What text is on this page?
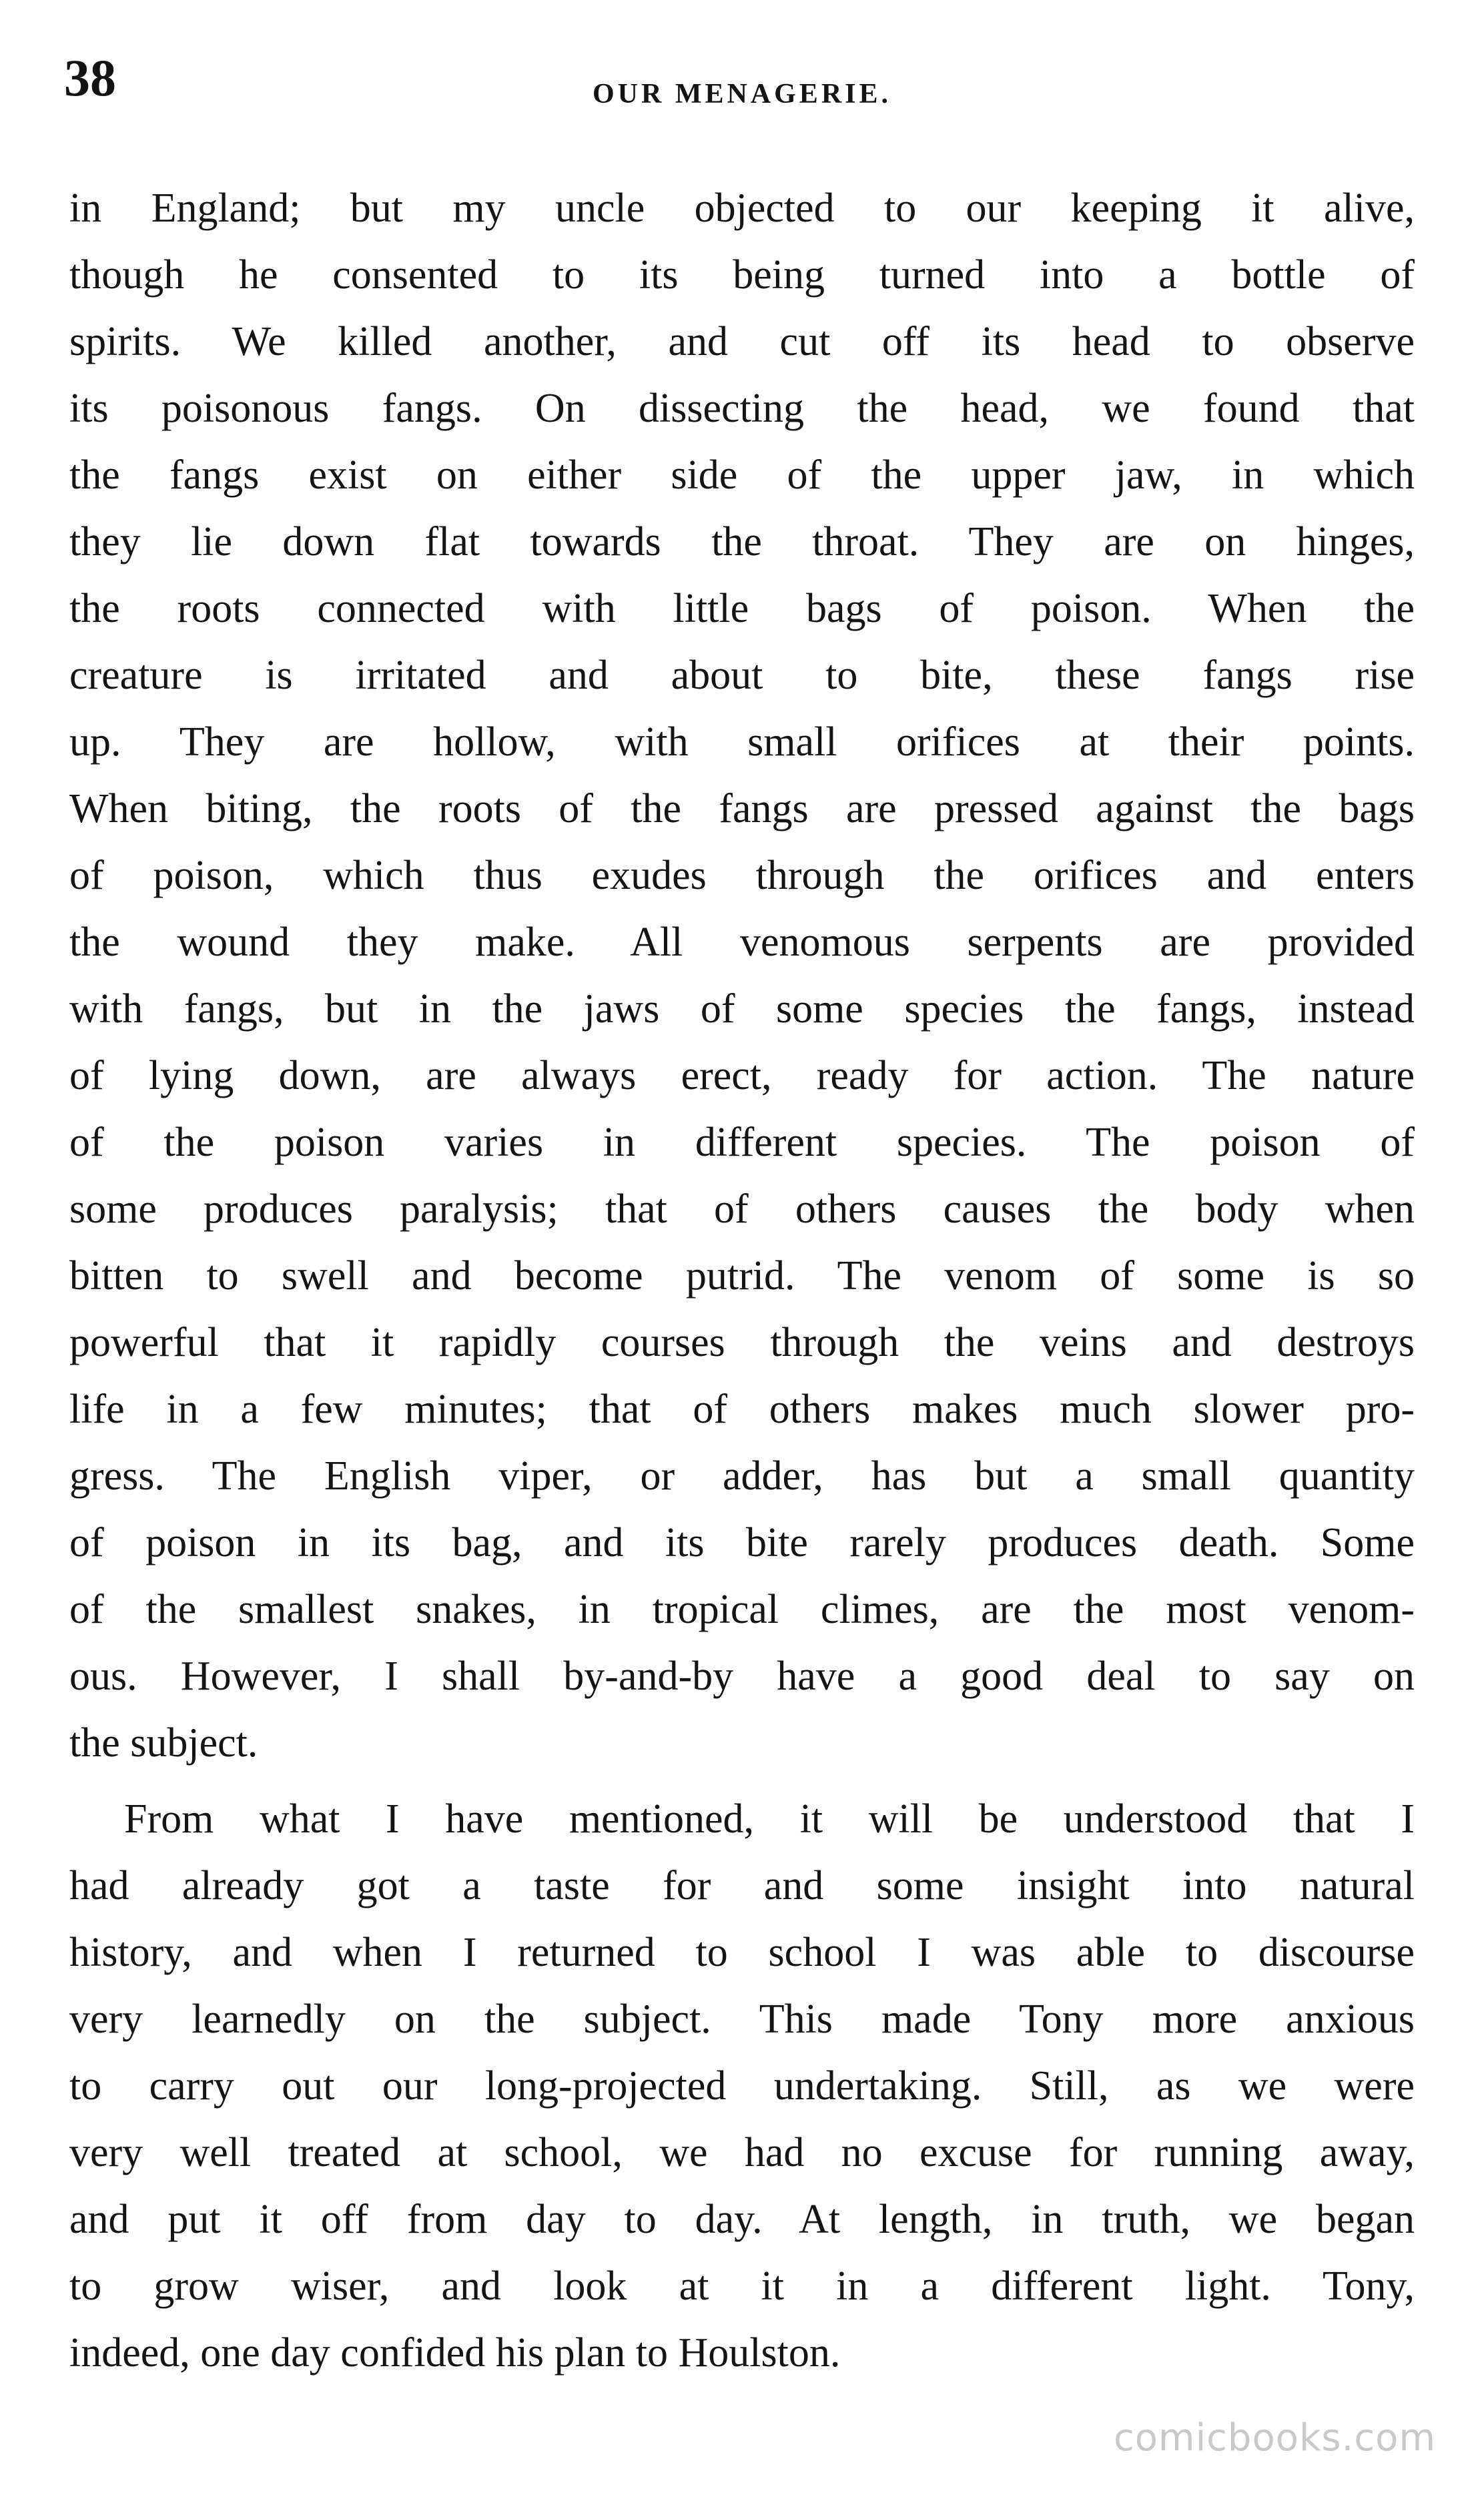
38	OUR MENAGERIE.
in England; but my uncle objected to our keeping it alive,
though he consented to its being turned into a bottle of
spirits. We killed another, and cut off its head to observe
its poisonous fangs. On dissecting the head, we found that
the fangs exist on either side of the upper jaw, in which
they lie down flat towards the throat. They are on hinges,
the roots connected with little bags of poison. When the
creature is irritated and about to bite, these fangs rise
up. They are hollow, with small orifices at their points.
When biting, the roots of the fangs are pressed against the bags
of poison, which thus exudes through the orifices and enters
the wound they make. All venomous serpents are provided
with fangs, but in the jaws of some species the fangs, instead
of lying down, are always erect, ready for action. The nature
of the poison varies in different species. The poison of
some produces paralysis; that of others causes the body when
bitten to swell and become putrid. The venom of some is so
powerful that it rapidly courses through the veins and destroys
life in a few minutes; that of others makes much slower pro-
gress. The English viper, or adder, has but a small quantity
of poison in its bag, and its bite rarely produces death. Some
of the smallest snakes, in tropical climes, are the most venom-
ous. However, I shall by-and-by have a good deal to say on
the subject.
From what I have mentioned, it will be understood that I
had already got a taste for and some insight into natural
history, and when I returned to school I was able to discourse
very learnedly on the subject. This made Tony more anxious
to carry out our long-projected undertaking. Still, as we were
very well treated at school, we had no excuse for running away,
and put it off from day to day. At length, in truth, we began
to grow wiser, and look at it in a different light. Tony,
indeed, one day confided his plan to Houlston.
comicbooks.com
